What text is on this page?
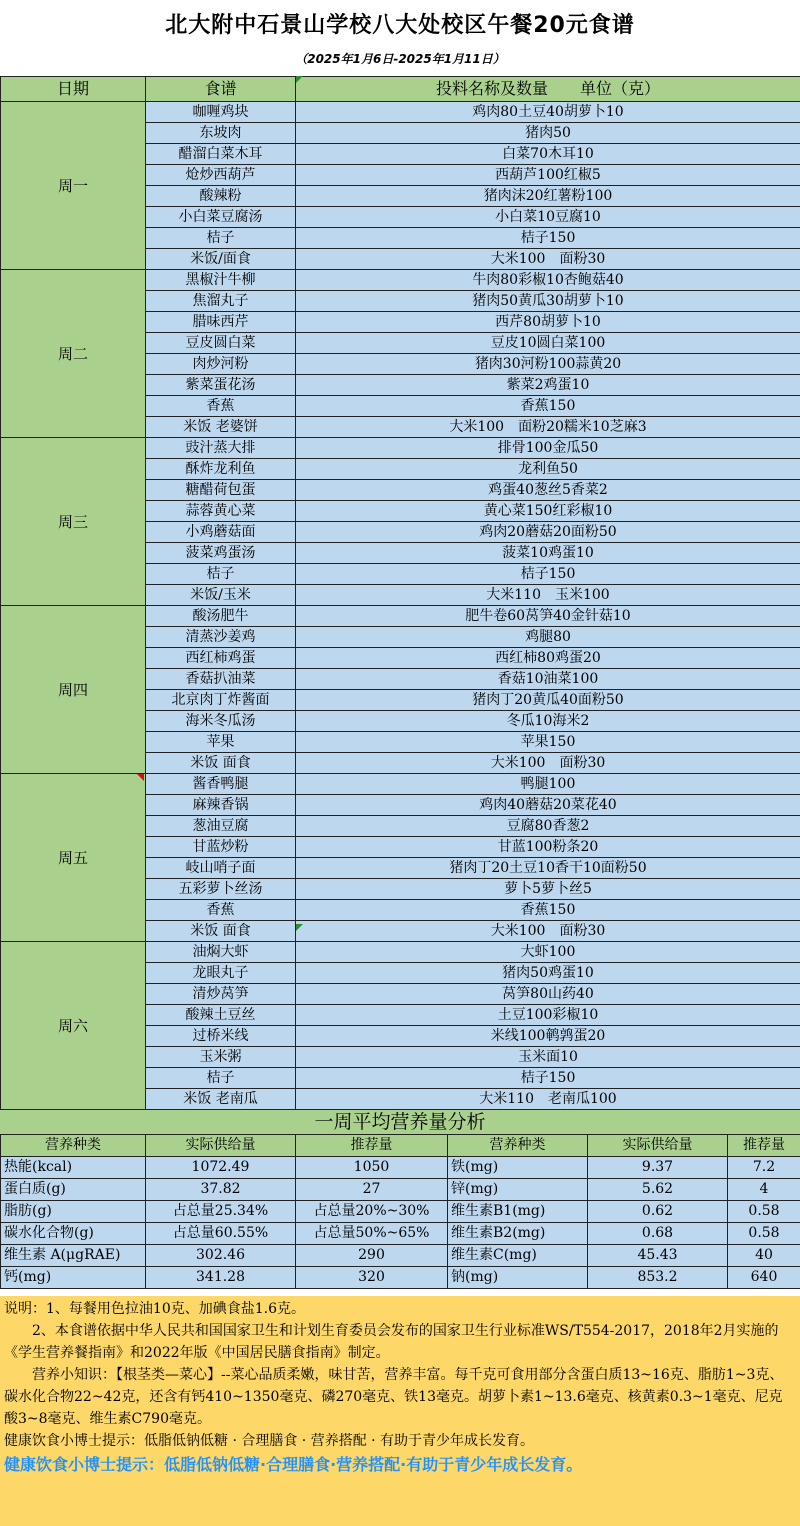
北大附中石景山学校八大处校区午餐20元食谱
（2025年1月6日-2025年1月11日）
日期	食谱	投料名称及数量　　单位（克）
周一	咖喱鸡块	鸡肉80土豆40胡萝卜10
	东坡肉	猪肉50
	醋溜白菜木耳	白菜70木耳10
	炝炒西葫芦	西葫芦100红椒5
	酸辣粉	猪肉沫20红薯粉100
	小白菜豆腐汤	小白菜10豆腐10
	桔子	桔子150
	米饭/面食	大米100　面粉30
周二	黑椒汁牛柳	牛肉80彩椒10杏鲍菇40
	焦溜丸子	猪肉50黄瓜30胡萝卜10
	腊味西芹	西芹80胡萝卜10
	豆皮圆白菜	豆皮10圆白菜100
	肉炒河粉	猪肉30河粉100蒜黄20
	紫菜蛋花汤	紫菜2鸡蛋10
	香蕉	香蕉150
	米饭 老婆饼	大米100　面粉20糯米10芝麻3
周三	豉汁蒸大排	排骨100金瓜50
	酥炸龙利鱼	龙利鱼50
	糖醋荷包蛋	鸡蛋40葱丝5香菜2
	蒜蓉黄心菜	黄心菜150红彩椒10
	小鸡蘑菇面	鸡肉20蘑菇20面粉50
	菠菜鸡蛋汤	菠菜10鸡蛋10
	桔子	桔子150
	米饭/玉米	大米110　玉米100
周四	酸汤肥牛	肥牛卷60莴笋40金针菇10
	清蒸沙姜鸡	鸡腿80
	西红柿鸡蛋	西红柿80鸡蛋20
	香菇扒油菜	香菇10油菜100
	北京肉丁炸酱面	猪肉丁20黄瓜40面粉50
	海米冬瓜汤	冬瓜10海米2
	苹果	苹果150
	米饭 面食	大米100　面粉30
周五	酱香鸭腿	鸭腿100
	麻辣香锅	鸡肉40蘑菇20菜花40
	葱油豆腐	豆腐80香葱2
	甘蓝炒粉	甘蓝100粉条20
	岐山哨子面	猪肉丁20土豆10香干10面粉50
	五彩萝卜丝汤	萝卜5萝卜丝5
	香蕉	香蕉150
	米饭 面食	大米100　面粉30
周六	油焖大虾	大虾100
	龙眼丸子	猪肉50鸡蛋10
	清炒莴笋	莴笋80山药40
	酸辣土豆丝	土豆100彩椒10
	过桥米线	米线100鹌鹑蛋20
	玉米粥	玉米面10
	桔子	桔子150
	米饭 老南瓜	大米110　老南瓜100
一周平均营养量分析
营养种类	实际供给量	推荐量	营养种类	实际供给量	推荐量
热能(kcal)	1072.49	1050	铁(mg)	9.37	7.2
蛋白质(g)	37.82	27	锌(mg)	5.62	4
脂肪(g)	占总量25.34%	占总量20%~30%	维生素B1(mg)	0.62	0.58
碳水化合物(g)	占总量60.55%	占总量50%~65%	维生素B2(mg)	0.68	0.58
维生素 A(μgRAE)	302.46	290	维生素C(mg)	45.43	40
钙(mg)	341.28	320	钠(mg)	853.2	640

说明：1、每餐用色拉油10克、加碘食盐1.6克。

　　2、本食谱依据中华人民共和国国家卫生和计划生育委员会发布的国家卫生行业标准WS/T554-2017，2018年2月实施的《学生营养餐指南》和2022年版《中国居民膳食指南》制定。

　　营养小知识：【根茎类—菜心】--菜心品质柔嫩，味甘苦，营养丰富。每千克可食用部分含蛋白质13~16克、脂肪1~3克、碳水化合物22~42克，还含有钙410~1350毫克、磷270毫克、铁13毫克。胡萝卜素1~13.6毫克、核黄素0.3~1毫克、尼克酸3~8毫克、维生素C790毫克。

健康饮食小博士提示：低脂低钠低糖 · 合理膳食 · 营养搭配 · 有助于青少年成长发育。

健康饮食小博士提示：低脂低钠低糖·合理膳食·营养搭配·有助于青少年成长发育。
